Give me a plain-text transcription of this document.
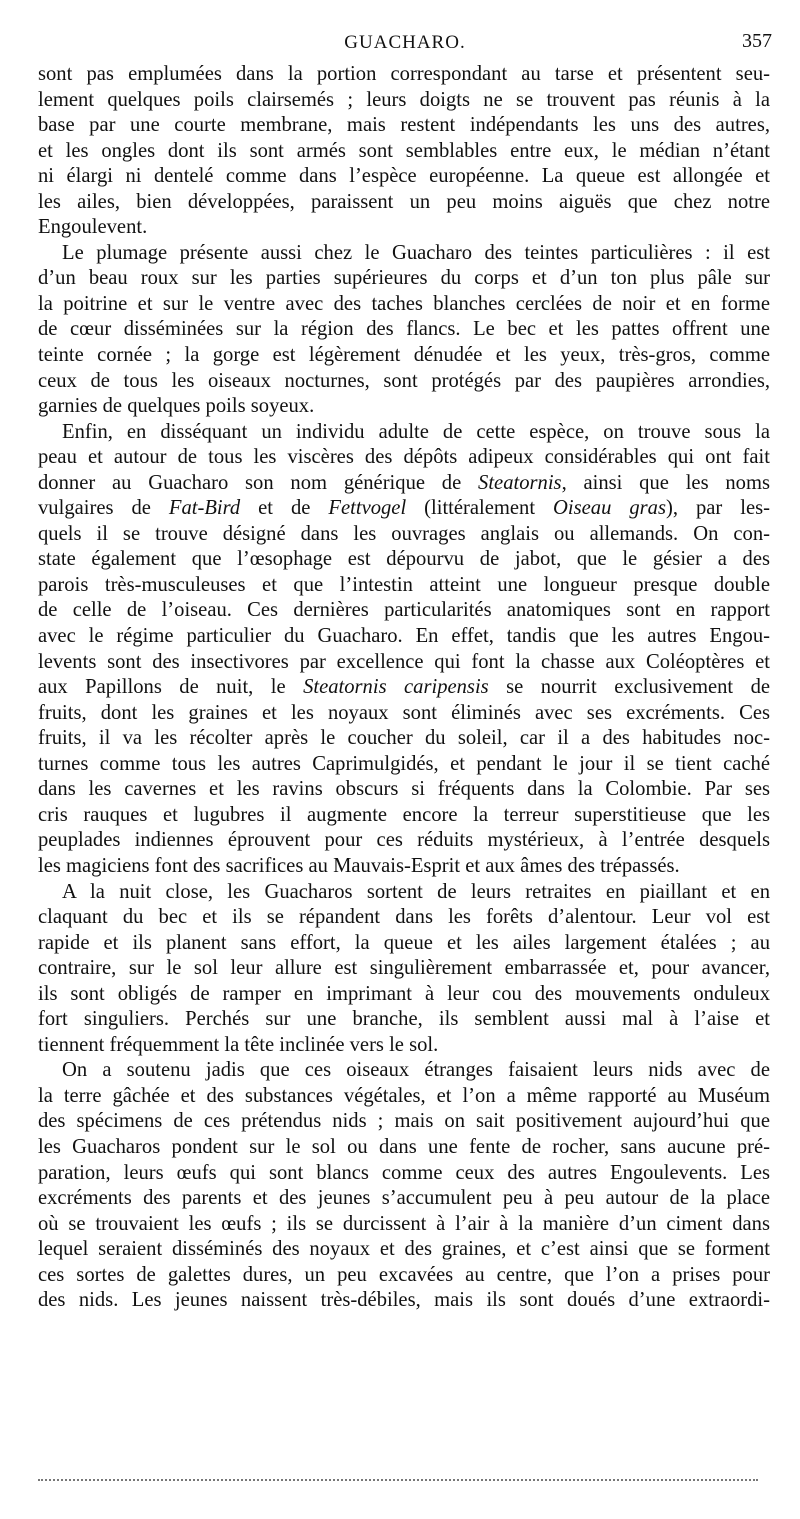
GUACHARO.	357
sont pas emplumées dans la portion correspondant au tarse et présentent seu-
lement quelques poils clairsemés ; leurs doigts ne se trouvent pas réunis à la
base par une courte membrane, mais restent indépendants les uns des autres,
et les ongles dont ils sont armés sont semblables entre eux, le médian n’étant
ni élargi ni dentelé comme dans l’espèce européenne. La queue est allongée et
les ailes, bien développées, paraissent un peu moins aiguës que chez notre
Engoulevent.
Le plumage présente aussi chez le Guacharo des teintes particulières : il est
d’un beau roux sur les parties supérieures du corps et d’un ton plus pâle sur
la poitrine et sur le ventre avec des taches blanches cerclées de noir et en forme
de cœur disséminées sur la région des flancs. Le bec et les pattes offrent une
teinte cornée ; la gorge est légèrement dénudée et les yeux, très-gros, comme
ceux de tous les oiseaux nocturnes, sont protégés par des paupières arrondies,
garnies de quelques poils soyeux.
Enfin, en disséquant un individu adulte de cette espèce, on trouve sous la
peau et autour de tous les viscères des dépôts adipeux considérables qui ont fait
donner au Guacharo son nom générique de Steatornis, ainsi que les noms
vulgaires de Fat-Bird et de Fettvogel (littéralement Oiseau gras), par les-
quels il se trouve désigné dans les ouvrages anglais ou allemands. On con-
state également que l’œsophage est dépourvu de jabot, que le gésier a des
parois très-musculeuses et que l’intestin atteint une longueur presque double
de celle de l’oiseau. Ces dernières particularités anatomiques sont en rapport
avec le régime particulier du Guacharo. En effet, tandis que les autres Engou-
levents sont des insectivores par excellence qui font la chasse aux Coléoptères et
aux Papillons de nuit, le Steatornis caripensis se nourrit exclusivement de
fruits, dont les graines et les noyaux sont éliminés avec ses excréments. Ces
fruits, il va les récolter après le coucher du soleil, car il a des habitudes noc-
turnes comme tous les autres Caprimulgidés, et pendant le jour il se tient caché
dans les cavernes et les ravins obscurs si fréquents dans la Colombie. Par ses
cris rauques et lugubres il augmente encore la terreur superstitieuse que les
peuplades indiennes éprouvent pour ces réduits mystérieux, à l’entrée desquels
les magiciens font des sacrifices au Mauvais-Esprit et aux âmes des trépassés.
A la nuit close, les Guacharos sortent de leurs retraites en piaillant et en
claquant du bec et ils se répandent dans les forêts d’alentour. Leur vol est
rapide et ils planent sans effort, la queue et les ailes largement étalées ; au
contraire, sur le sol leur allure est singulièrement embarrassée et, pour avancer,
ils sont obligés de ramper en imprimant à leur cou des mouvements onduleux
fort singuliers. Perchés sur une branche, ils semblent aussi mal à l’aise et
tiennent fréquemment la tête inclinée vers le sol.
On a soutenu jadis que ces oiseaux étranges faisaient leurs nids avec de
la terre gâchée et des substances végétales, et l’on a même rapporté au Muséum
des spécimens de ces prétendus nids ; mais on sait positivement aujourd’hui que
les Guacharos pondent sur le sol ou dans une fente de rocher, sans aucune pré-
paration, leurs œufs qui sont blancs comme ceux des autres Engoulevents. Les
excréments des parents et des jeunes s’accumulent peu à peu autour de la place
où se trouvaient les œufs ; ils se durcissent à l’air à la manière d’un ciment dans
lequel seraient disséminés des noyaux et des graines, et c’est ainsi que se forment
ces sortes de galettes dures, un peu excavées au centre, que l’on a prises pour
des nids. Les jeunes naissent très-débiles, mais ils sont doués d’une extraordi-
